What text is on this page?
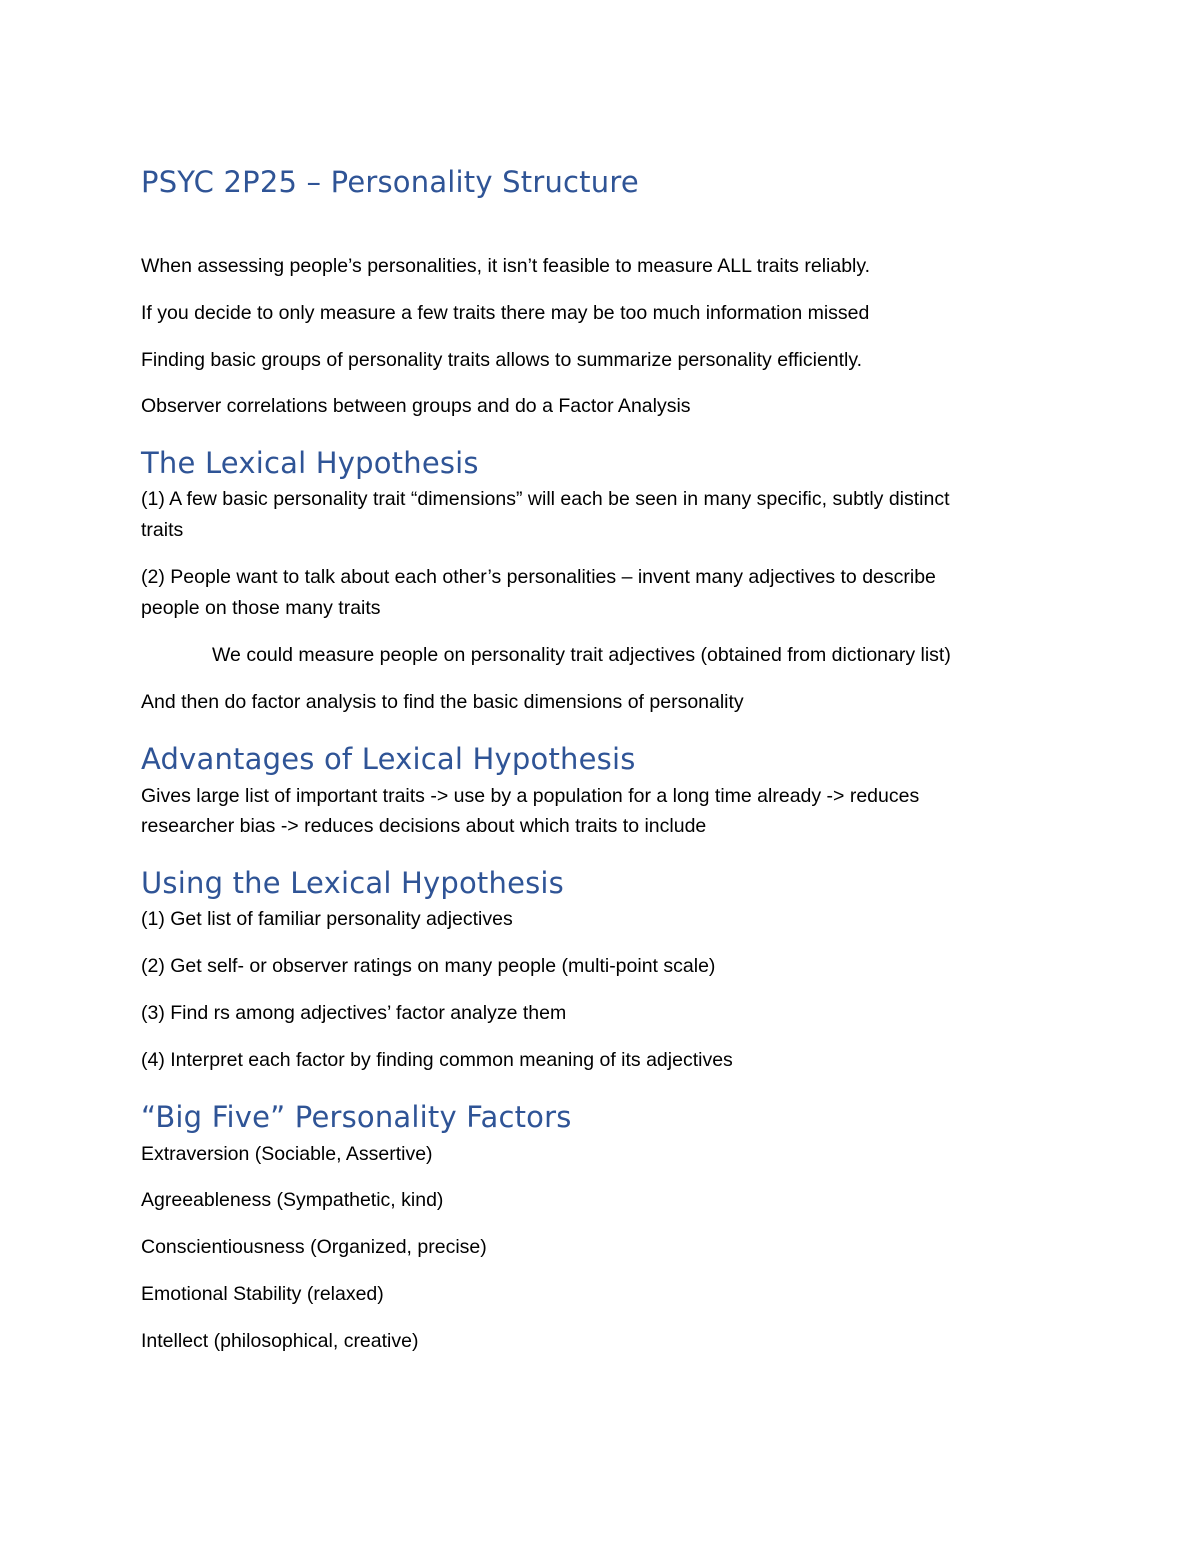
PSYC 2P25 – Personality Structure

When assessing people’s personalities, it isn’t feasible to measure ALL traits reliably.

If you decide to only measure a few traits there may be too much information missed

Finding basic groups of personality traits allows to summarize personality efficiently.

Observer correlations between groups and do a Factor Analysis

The Lexical Hypothesis

(1) A few basic personality trait “dimensions” will each be seen in many specific, subtly distinct

traits

(2) People want to talk about each other’s personalities – invent many adjectives to describe

people on those many traits

We could measure people on personality trait adjectives (obtained from dictionary list)

And then do factor analysis to find the basic dimensions of personality

Advantages of Lexical Hypothesis

Gives large list of important traits -> use by a population for a long time already -> reduces

researcher bias -> reduces decisions about which traits to include

Using the Lexical Hypothesis

(1) Get list of familiar personality adjectives

(2) Get self- or observer ratings on many people (multi-point scale)

(3) Find rs among adjectives’ factor analyze them

(4) Interpret each factor by finding common meaning of its adjectives

“Big Five” Personality Factors

Extraversion (Sociable, Assertive)

Agreeableness (Sympathetic, kind)

Conscientiousness (Organized, precise)

Emotional Stability (relaxed)

Intellect (philosophical, creative)
